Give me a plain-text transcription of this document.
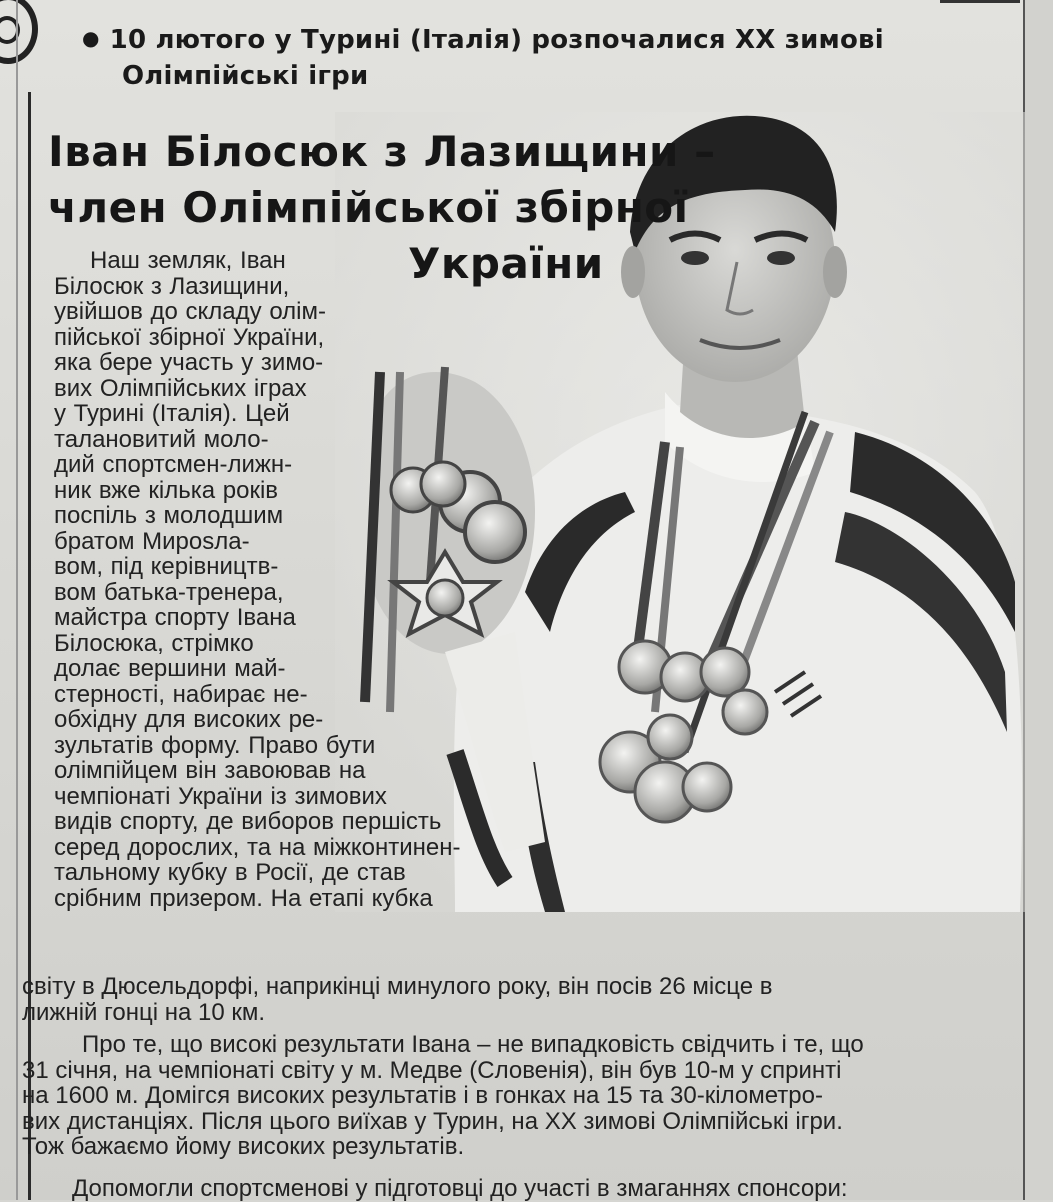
● 10 лютого у Турині (Італія) розпочалися XX зимові
Олімпійські ігри
Іван Білосюк з Лазищини –
член Олімпійської збірної
України
Наш земляк, Іван
Білосюк з Лазищини,
увійшов до складу олім-
пійської збірної України,
яка бере участь у зимо-
вих Олімпійських іграх
у Турині (Італія). Цей
талановитий моло-
дий спортсмен-лижн-
ник вже кілька років
поспіль з молодшим
братом Мирosла-
вом, під керівництв-
вом батька-тренера,
майстра спорту Івана
Білосюка, стрімко
долає вершини май-
стерності, набирає не-
обхідну для високих ре-
зультатів форму. Право бути
олімпійцем він завоював на
чемпіонаті України із зимових
видів спорту, де виборов першість
серед дорослих, та на міжконтинен-
тальному кубку в Росії, де став
срібним призером. На етапі кубка
світу в Дюсельдорфі, наприкінці минулого року, він посів 26 місце в
лижній гонці на 10 км.
Про те, що високі результати Івана – не випадковість свідчить і те, що
31 січня, на чемпіонаті світу у м. Медве (Словенія), він був 10-м у спринті
на 1600 м. Домігся високих результатів і в гонках на 15 та 30-кілометро-
вих дистанціях. Після цього виїхав у Турин, на XX зимові Олімпійські ігри.
Тож бажаємо йому високих результатів.
Допомогли спортсменові у підготовці до участі в змаганнях спонсори:
